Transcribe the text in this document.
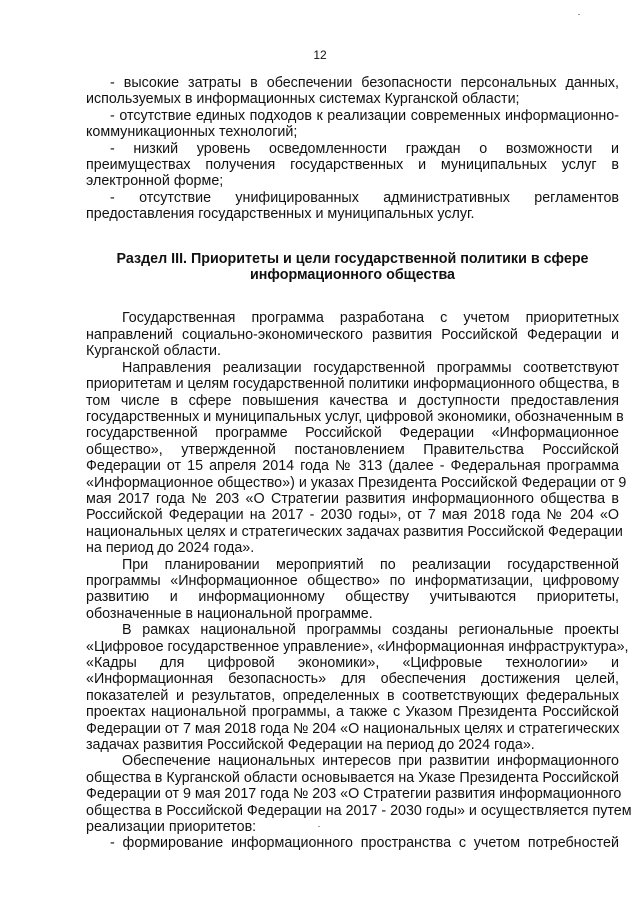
12
- высокие затраты в обеспечении безопасности персональных данных,
используемых в информационных системах Курганской области;
- отсутствие единых подходов к реализации современных информационно-
коммуникационных технологий;
- низкий уровень осведомленности граждан о возможности и
преимуществах получения государственных и муниципальных услуг в
электронной форме;
- отсутствие унифицированных административных регламентов
предоставления государственных и муниципальных услуг.
Раздел III. Приоритеты и цели государственной политики в сфере
информационного общества
Государственная программа разработана с учетом приоритетных
направлений социально-экономического развития Российской Федерации и
Курганской области.
Направления реализации государственной программы соответствуют
приоритетам и целям государственной политики информационного общества, в
том числе в сфере повышения качества и доступности предоставления
государственных и муниципальных услуг, цифровой экономики, обозначенным в
государственной программе Российской Федерации «Информационное
общество», утвержденной постановлением Правительства Российской
Федерации от 15 апреля 2014 года № 313 (далее - Федеральная программа
«Информационное общество») и указах Президента Российской Федерации от 9
мая 2017 года № 203 «О Стратегии развития информационного общества в
Российской Федерации на 2017 - 2030 годы», от 7 мая 2018 года № 204 «О
национальных целях и стратегических задачах развития Российской Федерации
на период до 2024 года».
При планировании мероприятий по реализации государственной
программы «Информационное общество» по информатизации, цифровому
развитию и информационному обществу учитываются приоритеты,
обозначенные в национальной программе.
В рамках национальной программы созданы региональные проекты
«Цифровое государственное управление», «Информационная инфраструктура»,
«Кадры для цифровой экономики», «Цифровые технологии» и
«Информационная безопасность» для обеспечения достижения целей,
показателей и результатов, определенных в соответствующих федеральных
проектах национальной программы, а также с Указом Президента Российской
Федерации от 7 мая 2018 года № 204 «О национальных целях и стратегических
задачах развития Российской Федерации на период до 2024 года».
Обеспечение национальных интересов при развитии информационного
общества в Курганской области основывается на Указе Президента Российской
Федерации от 9 мая 2017 года № 203 «О Стратегии развития информационного
общества в Российской Федерации на 2017 - 2030 годы» и осуществляется путем
реализации приоритетов:
- формирование информационного пространства с учетом потребностей
